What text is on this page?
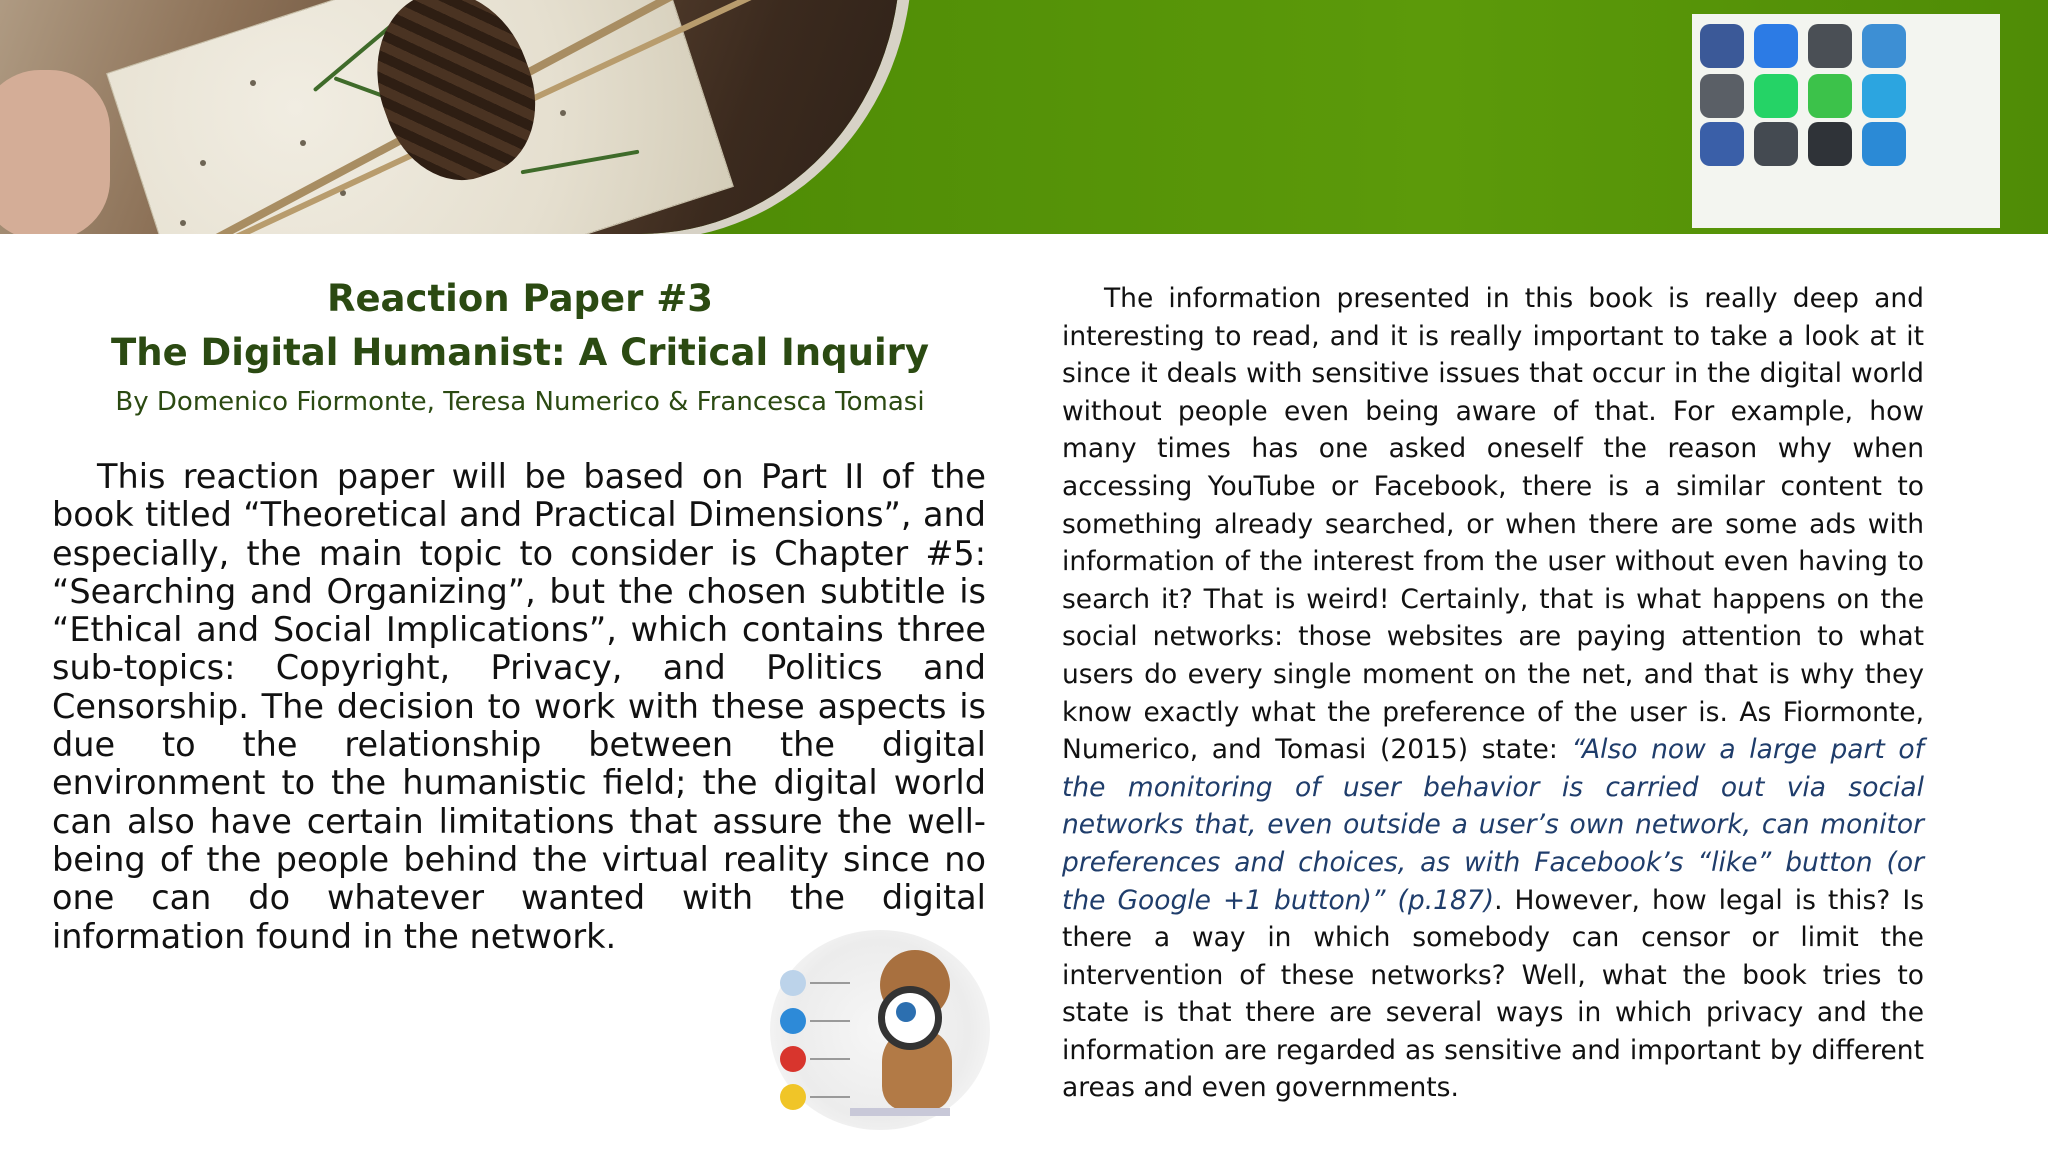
Reaction Paper #3

The Digital Humanist: A Critical Inquiry

By Domenico Fiormonte, Teresa Numerico & Francesca Tomasi

This reaction paper will be based on Part II of the book titled “Theoretical and Practical Dimensions”, and especially, the main topic to consider is Chapter #5: “Searching and Organizing”, but the chosen subtitle is “Ethical and Social Implications”, which contains three sub-topics: Copyright, Privacy, and Politics and Censorship. The decision to work with these aspects is due to the relationship between the digital environment to the humanistic field; the digital world can also have certain limitations that assure the well-being of the people behind the virtual reality since no one can do whatever wanted with the digital information found in the network.

The information presented in this book is really deep and interesting to read, and it is really important to take a look at it since it deals with sensitive issues that occur in the digital world without people even being aware of that. For example, how many times has one asked oneself the reason why when accessing YouTube or Facebook, there is a similar content to something already searched, or when there are some ads with information of the interest from the user without even having to search it? That is weird! Certainly, that is what happens on the social networks: those websites are paying attention to what users do every single moment on the net, and that is why they know exactly what the preference of the user is. As Fiormonte, Numerico, and Tomasi (2015) state: “Also now a large part of the monitoring of user behavior is carried out via social networks that, even outside a user’s own network, can monitor preferences and choices, as with Facebook’s “like” button (or the Google +1 button)” (p.187). However, how legal is this? Is there a way in which somebody can censor or limit the intervention of these networks? Well, what the book tries to state is that there are several ways in which privacy and the information are regarded as sensitive and important by different areas and even governments.
